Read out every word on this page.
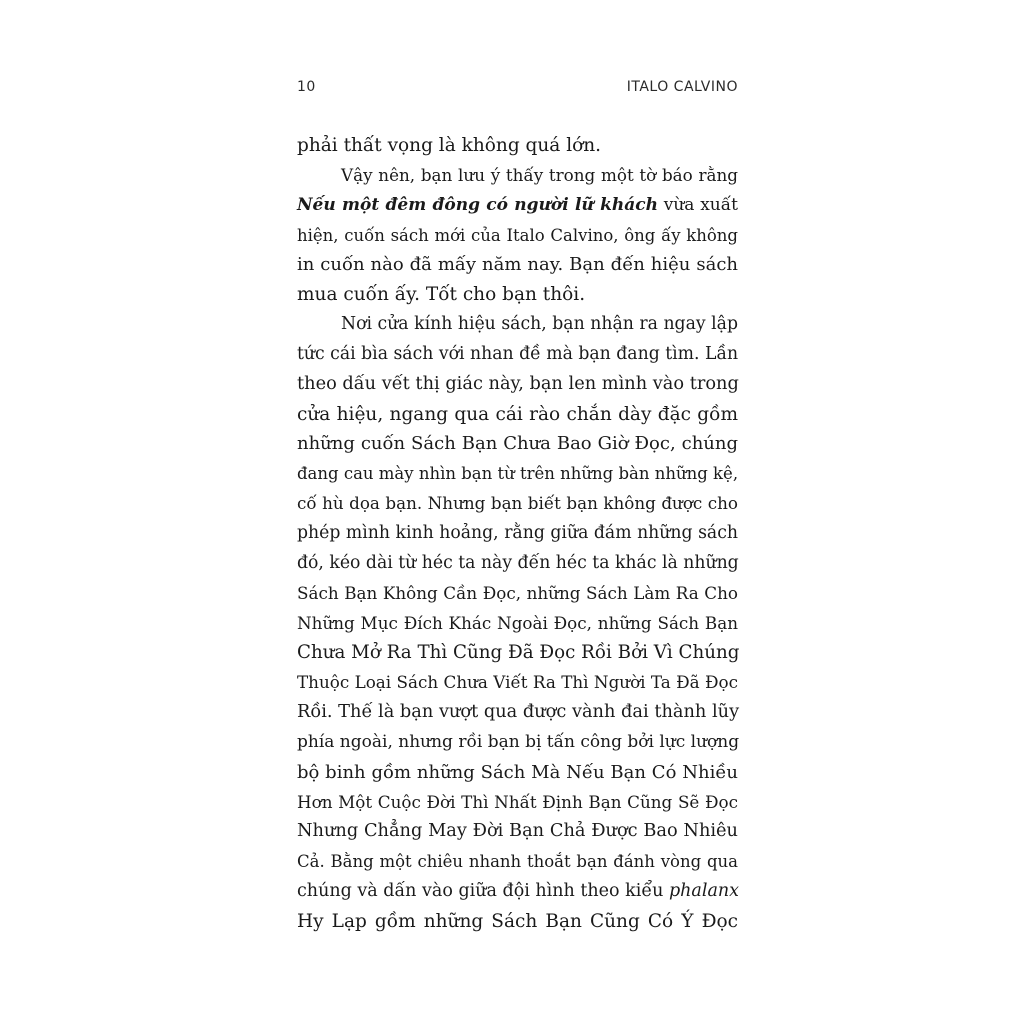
10	ITALO CALVINO
phải thất vọng là không quá lớn.
Vậy nên, bạn lưu ý thấy trong một tờ báo rằng
Nếu một đêm đông có người lữ khách vừa xuất
hiện, cuốn sách mới của Italo Calvino, ông ấy không
in cuốn nào đã mấy năm nay. Bạn đến hiệu sách
mua cuốn ấy. Tốt cho bạn thôi.
Nơi cửa kính hiệu sách, bạn nhận ra ngay lập
tức cái bìa sách với nhan đề mà bạn đang tìm. Lần
theo dấu vết thị giác này, bạn len mình vào trong
cửa hiệu, ngang qua cái rào chắn dày đặc gồm
những cuốn Sách Bạn Chưa Bao Giờ Đọc, chúng
đang cau mày nhìn bạn từ trên những bàn những kệ,
cố hù dọa bạn. Nhưng bạn biết bạn không được cho
phép mình kinh hoảng, rằng giữa đám những sách
đó, kéo dài từ héc ta này đến héc ta khác là những
Sách Bạn Không Cần Đọc, những Sách Làm Ra Cho
Những Mục Đích Khác Ngoài Đọc, những Sách Bạn
Chưa Mở Ra Thì Cũng Đã Đọc Rồi Bởi Vì Chúng
Thuộc Loại Sách Chưa Viết Ra Thì Người Ta Đã Đọc
Rồi. Thế là bạn vượt qua được vành đai thành lũy
phía ngoài, nhưng rồi bạn bị tấn công bởi lực lượng
bộ binh gồm những Sách Mà Nếu Bạn Có Nhiều
Hơn Một Cuộc Đời Thì Nhất Định Bạn Cũng Sẽ Đọc
Nhưng Chẳng May Đời Bạn Chả Được Bao Nhiêu
Cả. Bằng một chiêu nhanh thoắt bạn đánh vòng qua
chúng và dấn vào giữa đội hình theo kiểu phalanx
Hy Lạp gồm những Sách Bạn Cũng Có Ý Đọc
